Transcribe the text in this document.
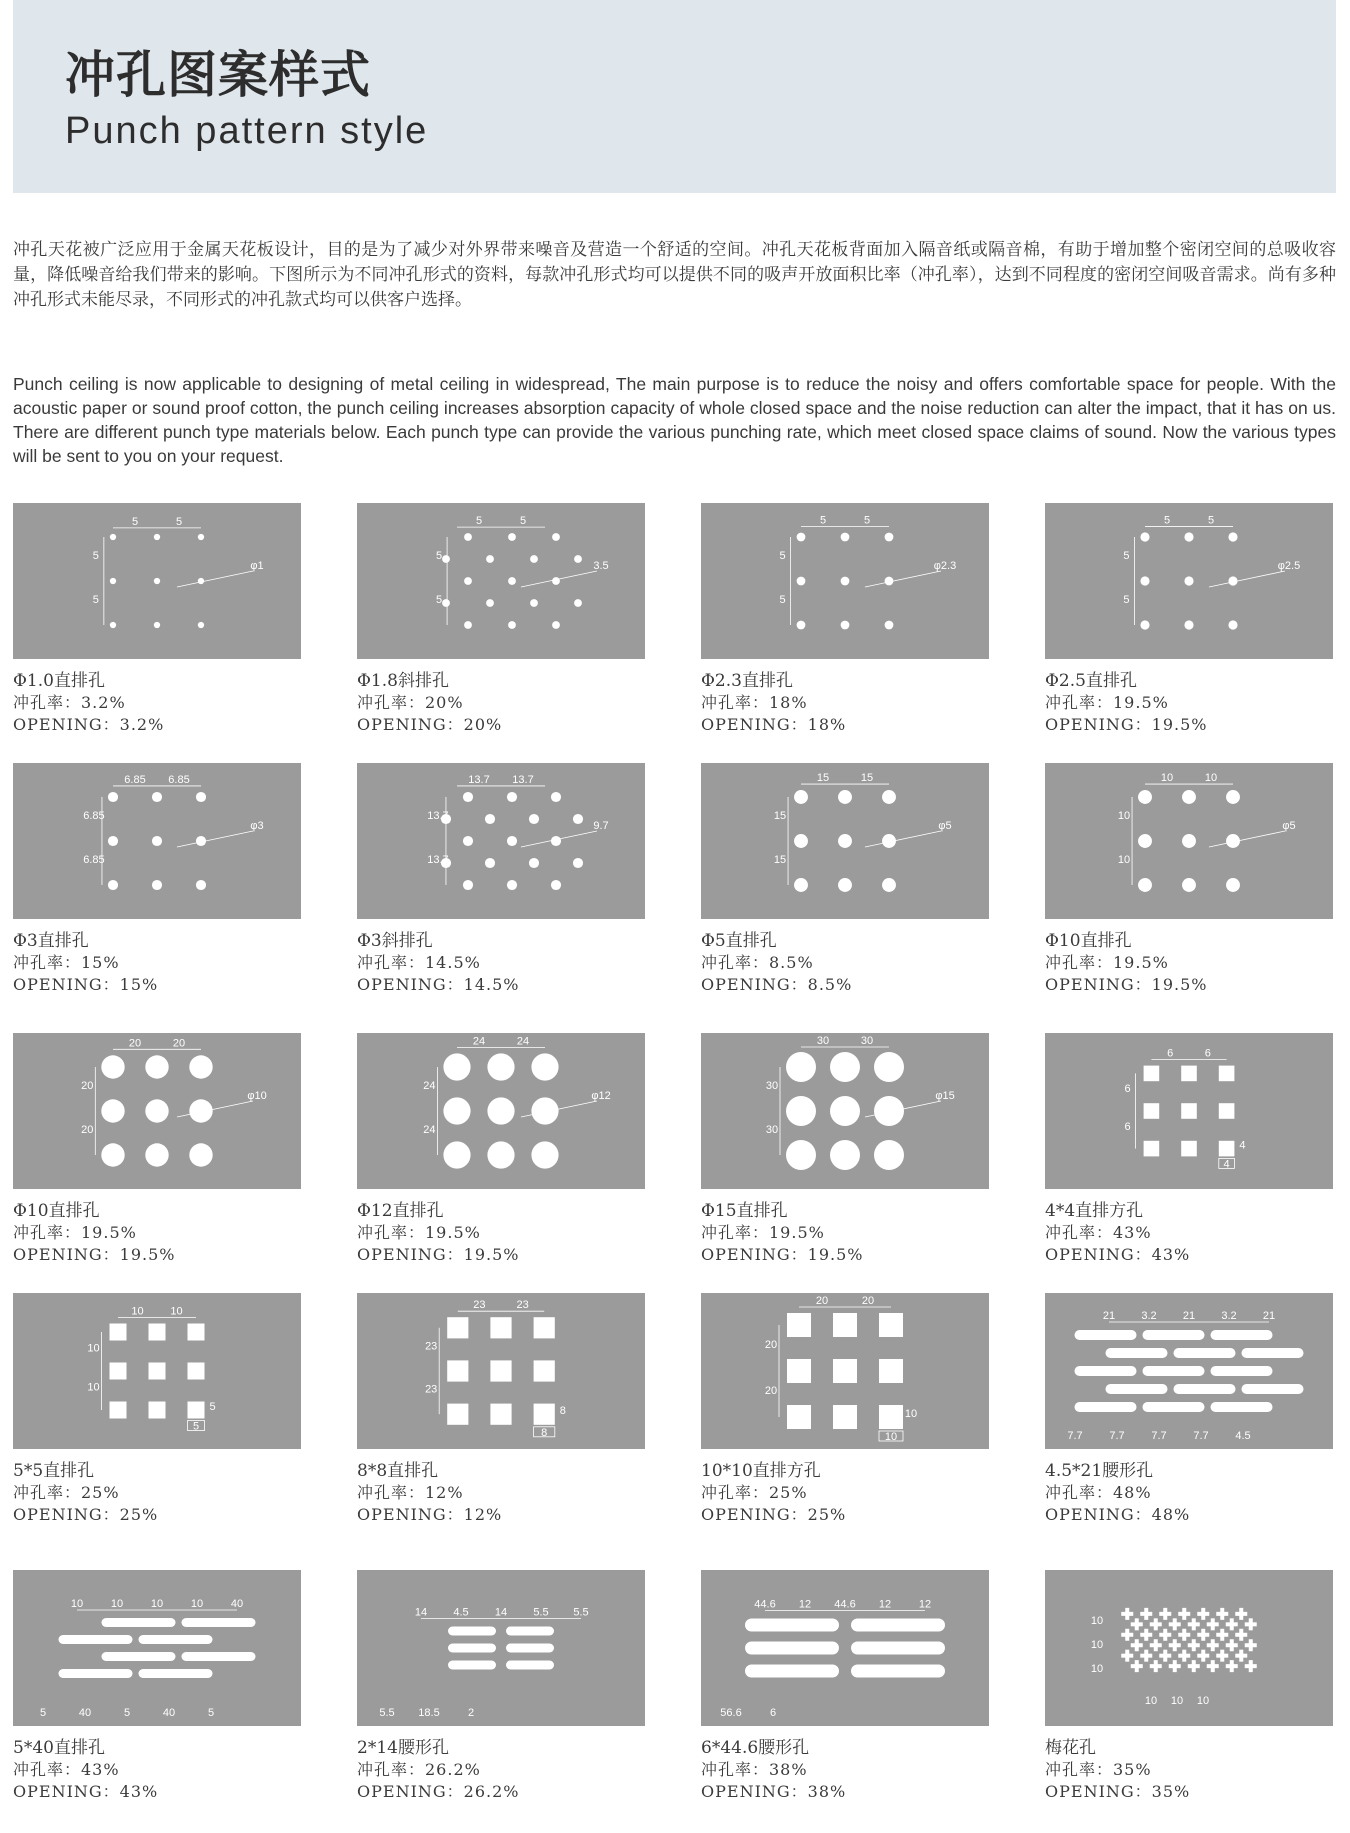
冲孔图案样式
Punch pattern style

冲孔天花被广泛应用于金属天花板设计，目的是为了减少对外界带来噪音及营造一个舒适的空间。冲孔天花板背面加入隔音纸或隔音棉，有助于增加整个密闭空间的总吸收容量，降低噪音给我们带来的影响。下图所示为不同冲孔形式的资料，每款冲孔形式均可以提供不同的吸声开放面积比率（冲孔率），达到不同程度的密闭空间吸音需求。尚有多种冲孔形式未能尽录，不同形式的冲孔款式均可以供客户选择。

Punch ceiling is now applicable to designing of metal ceiling in widespread, The main purpose is to reduce the noisy and offers comfortable space for people. With the acoustic paper or sound proof cotton, the punch ceiling increases absorption capacity of whole closed space and the noise reduction can alter the impact, that it has on us. There are different punch type materials below. Each punch type can provide the various punching rate, which meet closed space claims of sound. Now the various types will be sent to you on your request.

5	5
5
5
φ1
Φ1.0直排孔
冲孔率：3.2%
OPENING：3.2%
5	5
5
5
3.5
Φ1.8斜排孔
冲孔率：20%
OPENING：20%
5	5
5
5
φ2.3
Φ2.3直排孔
冲孔率：18%
OPENING：18%
5	5
5
5
φ2.5
Φ2.5直排孔
冲孔率：19.5%
OPENING：19.5%
6.85 6.85
6.85
6.85
φ3
Φ3直排孔
冲孔率：15%
OPENING：15%
13.7 13.7
13.7
13.7
9.7
Φ3斜排孔
冲孔率：14.5%
OPENING：14.5%
15	15
15
15
φ5
Φ5直排孔
冲孔率：8.5%
OPENING：8.5%
10	10
10
10
φ5
Φ10直排孔
冲孔率：19.5%
OPENING：19.5%
20	20
20
20
φ10
Φ10直排孔
冲孔率：19.5%
OPENING：19.5%
24	24
24
24
φ12
Φ12直排孔
冲孔率：19.5%
OPENING：19.5%
30	30
30
30
φ15
Φ15直排孔
冲孔率：19.5%
OPENING：19.5%
6	6
6
6
4
4
4*4直排方孔
冲孔率：43%
OPENING：43%
10 10
10
10
5
5
5*5直排孔
冲孔率：25%
OPENING：25%
23	23
23
23
8
8
8*8直排孔
冲孔率：12%
OPENING：12%
20	20
20
20
10
10
10*10直排方孔
冲孔率：25%
OPENING：25%
21 3.2 21 3.2 21
7.7 7.7 7.7 7.7 4.5
4.5*21腰形孔
冲孔率：48%
OPENING：48%
10	10	10	10	40
5	40	5	40	5
5*40直排孔
冲孔率：43%
OPENING：43%
14 4.5 14 5.5 5.5
5.5 18.5	2
2*14腰形孔
冲孔率：26.2%
OPENING：26.2%
44.6 12 44.6 12	12
56.6	6
6*44.6腰形孔
冲孔率：38%
OPENING：38%
10
10
10
10 10 10
梅花孔
冲孔率：35%
OPENING：35%
